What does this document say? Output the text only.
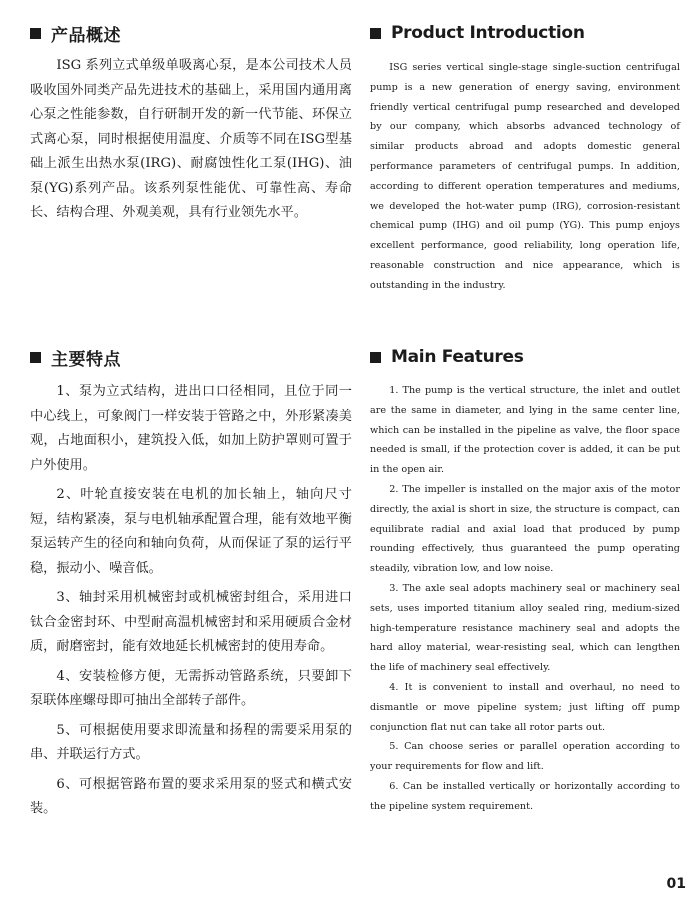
产品概述

ISG 系列立式单级单吸离心泵，是本公司技术人员吸收国外同类产品先进技术的基础上，采用国内通用离心泵之性能参数，自行研制开发的新一代节能、环保立式离心泵，同时根据使用温度、介质等不同在ISG型基础上派生出热水泵(IRG)、耐腐蚀性化工泵(IHG)、油泵(YG)系列产品。该系列泵性能优、可靠性高、寿命长、结构合理、外观美观，具有行业领先水平。

Product Introduction

ISG series vertical single-stage single-suction centrifugal pump is a new generation of energy saving, environment friendly vertical centrifugal pump researched and developed by our company, which absorbs advanced technology of similar products abroad and adopts domestic general performance parameters of centrifugal pumps. In addition, according to different operation temperatures and mediums, we developed the hot-water pump (IRG), corrosion-resistant chemical pump (IHG) and oil pump (YG). This pump enjoys excellent performance, good reliability, long operation life, reasonable construction and nice appearance, which is outstanding in the industry.

主要特点

1、泵为立式结构，进出口口径相同，且位于同一中心线上，可象阀门一样安装于管路之中，外形紧凑美观，占地面积小，建筑投入低，如加上防护罩则可置于户外使用。

2、叶轮直接安装在电机的加长轴上，轴向尺寸短，结构紧凑，泵与电机轴承配置合理，能有效地平衡泵运转产生的径向和轴向负荷，从而保证了泵的运行平稳，振动小、噪音低。

3、轴封采用机械密封或机械密封组合，采用进口钛合金密封环、中型耐高温机械密封和采用硬质合金材质，耐磨密封，能有效地延长机械密封的使用寿命。

4、安装检修方便，无需拆动管路系统，只要卸下泵联体座螺母即可抽出全部转子部件。

5、可根据使用要求即流量和扬程的需要采用泵的串、并联运行方式。

6、可根据管路布置的要求采用泵的竖式和横式安装。

Main Features

1. The pump is the vertical structure, the inlet and outlet are the same in diameter, and lying in the same center line, which can be installed in the pipeline as valve, the floor space needed is small, if the protection cover is added, it can be put in the open air.

2. The impeller is installed on the major axis of the motor directly, the axial is short in size, the structure is compact, can equilibrate radial and axial load that produced by pump rounding effectively, thus guaranteed the pump operating steadily, vibration low, and low noise.

3. The axle seal adopts machinery seal or machinery seal sets, uses imported titanium alloy sealed ring, medium-sized high-temperature resistance machinery seal and adopts the hard alloy material, wear-resisting seal, which can lengthen the life of machinery seal effectively.

4. It is convenient to install and overhaul, no need to dismantle or move pipeline system; just lifting off pump conjunction flat nut can take all rotor parts out.

5. Can choose series or parallel operation according to your requirements for flow and lift.

6. Can be installed vertically or horizontally according to the pipeline system requirement.

01
